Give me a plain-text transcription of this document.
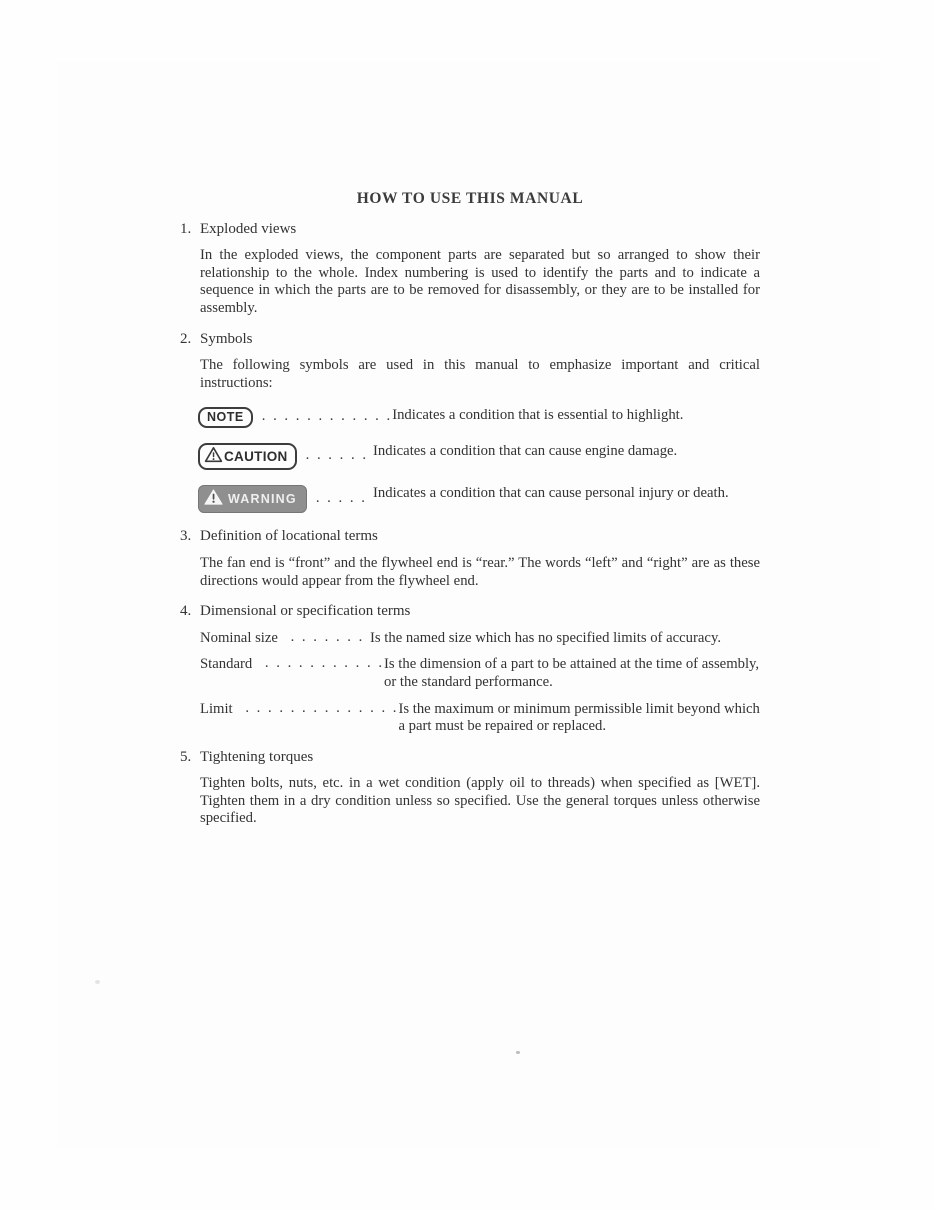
HOW TO USE THIS MANUAL
1. Exploded views

In the exploded views, the component parts are separated but so arranged to show their relationship to the whole. Index numbering is used to identify the parts and to indicate a sequence in which the parts are to be removed for disassembly, or they are to be installed for assembly.

2. Symbols

The following symbols are used in this manual to emphasize important and critical instructions:

NOTE	. . . . . . . . . . . . Indicates a condition that is essential to highlight.
CAUTION . . . . . . Indicates a condition that can cause engine damage.
WARNING . . . . . Indicates a condition that can cause personal injury or death.
3. Definition of locational terms

The fan end is “front” and the flywheel end is “rear.” The words “left” and “right” are as these directions would appear from the flywheel end.

4. Dimensional or specification terms
Nominal size . . . . . . . Is the named size which has no specified limits of accuracy.
Standard . . . . . . . . . . . Is the dimension of a part to be attained at the time of assembly, or the standard performance.
Limit . . . . . . . . . . . . . . Is the maximum or minimum permissible limit beyond which a part must be repaired or replaced.
5. Tightening torques

Tighten bolts, nuts, etc. in a wet condition (apply oil to threads) when specified as [WET]. Tighten them in a dry condition unless so specified. Use the general torques unless otherwise specified.
